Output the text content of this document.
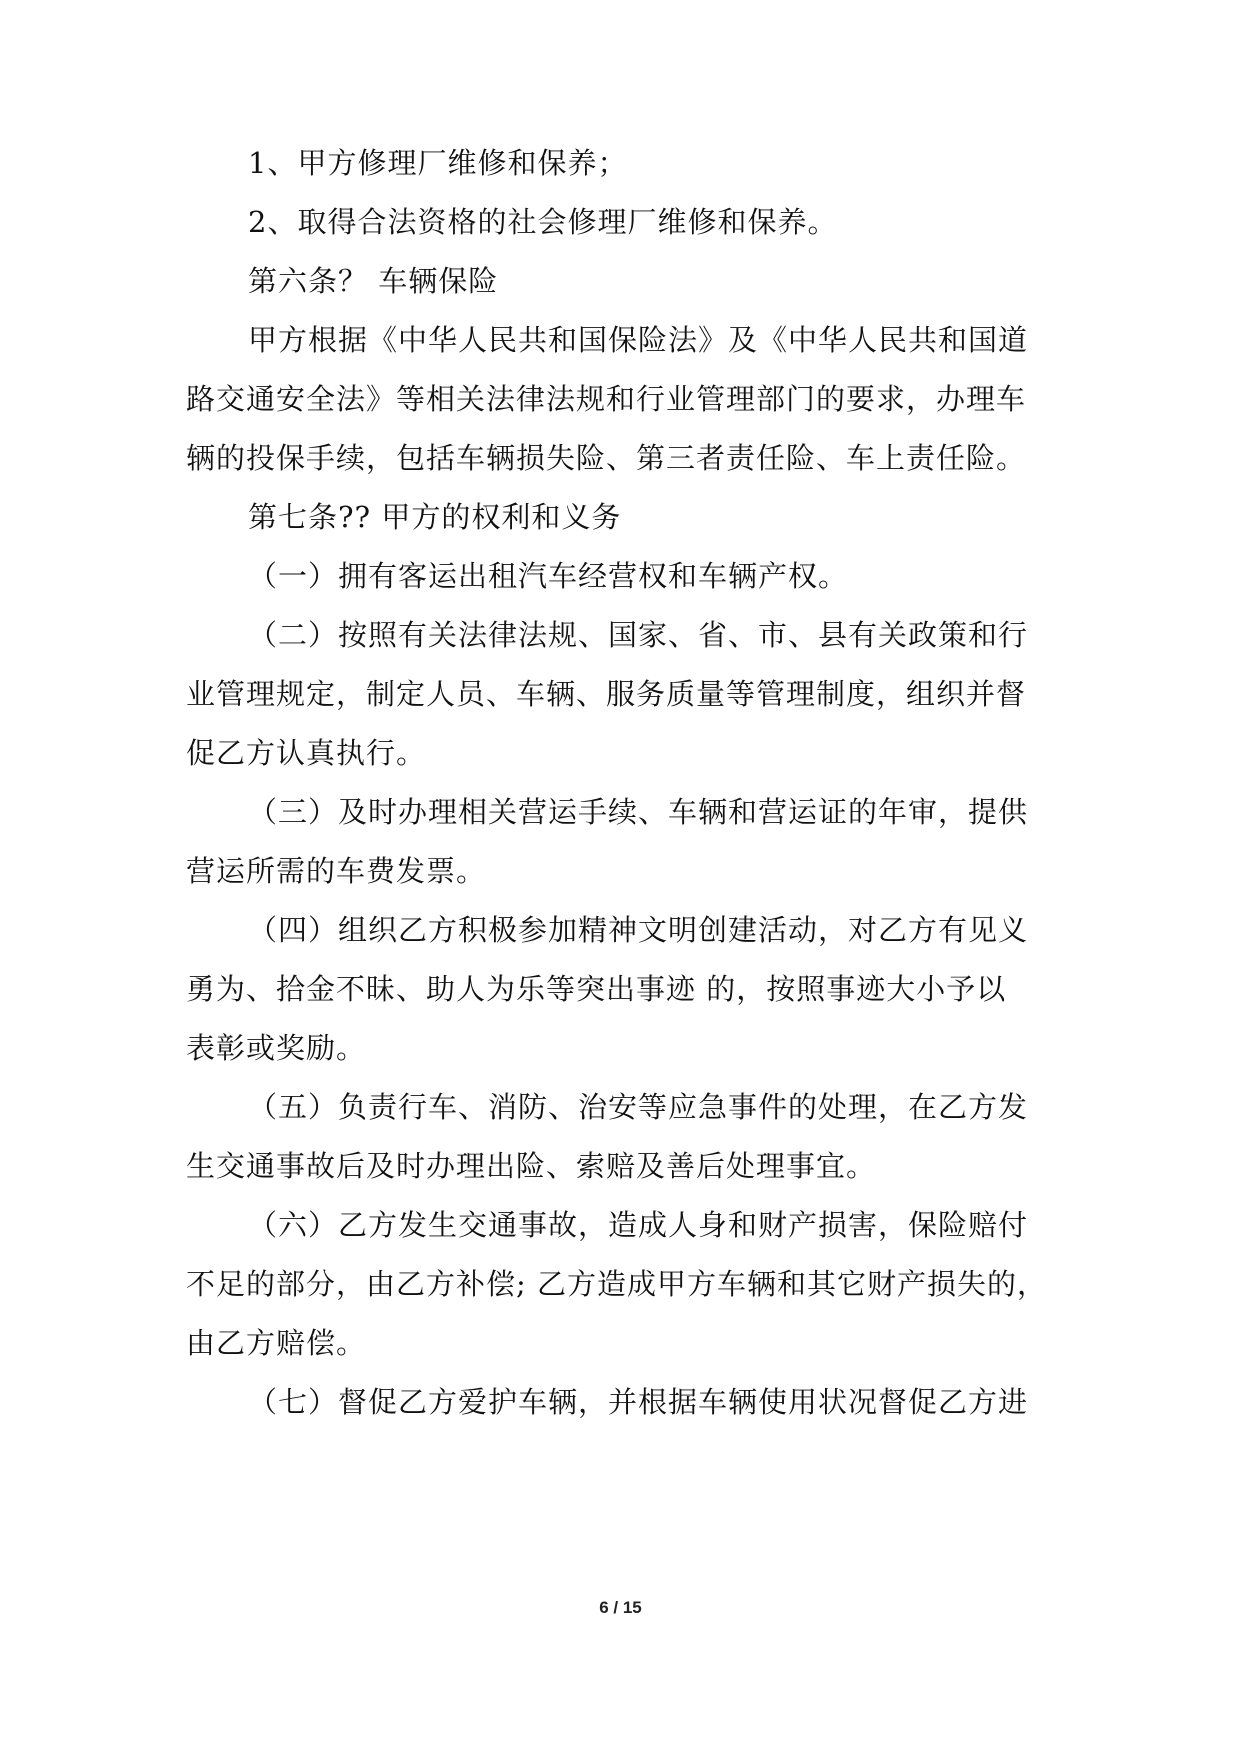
1、甲方修理厂维修和保养；

2、取得合法资格的社会修理厂维修和保养。

第六条？ 车辆保险

甲方根据《中华人民共和国保险法》及《中华人民共和国道

路交通安全法》等相关法律法规和行业管理部门的要求，办理车

辆的投保手续，包括车辆损失险、第三者责任险、车上责任险。

第七条?? 甲方的权利和义务

（一）拥有客运出租汽车经营权和车辆产权。

（二）按照有关法律法规、国家、省、市、县有关政策和行

业管理规定，制定人员、车辆、服务质量等管理制度，组织并督

促乙方认真执行。

（三）及时办理相关营运手续、车辆和营运证的年审，提供

营运所需的车费发票。

（四）组织乙方积极参加精神文明创建活动，对乙方有见义

勇为、拾金不昧、助人为乐等突出事迹 的，按照事迹大小予以

表彰或奖励。

（五）负责行车、消防、治安等应急事件的处理，在乙方发

生交通事故后及时办理出险、索赔及善后处理事宜。

（六）乙方发生交通事故，造成人身和财产损害，保险赔付

不足的部分，由乙方补偿; 乙方造成甲方车辆和其它财产损失的，

由乙方赔偿。

（七）督促乙方爱护车辆，并根据车辆使用状况督促乙方进

6 / 15
